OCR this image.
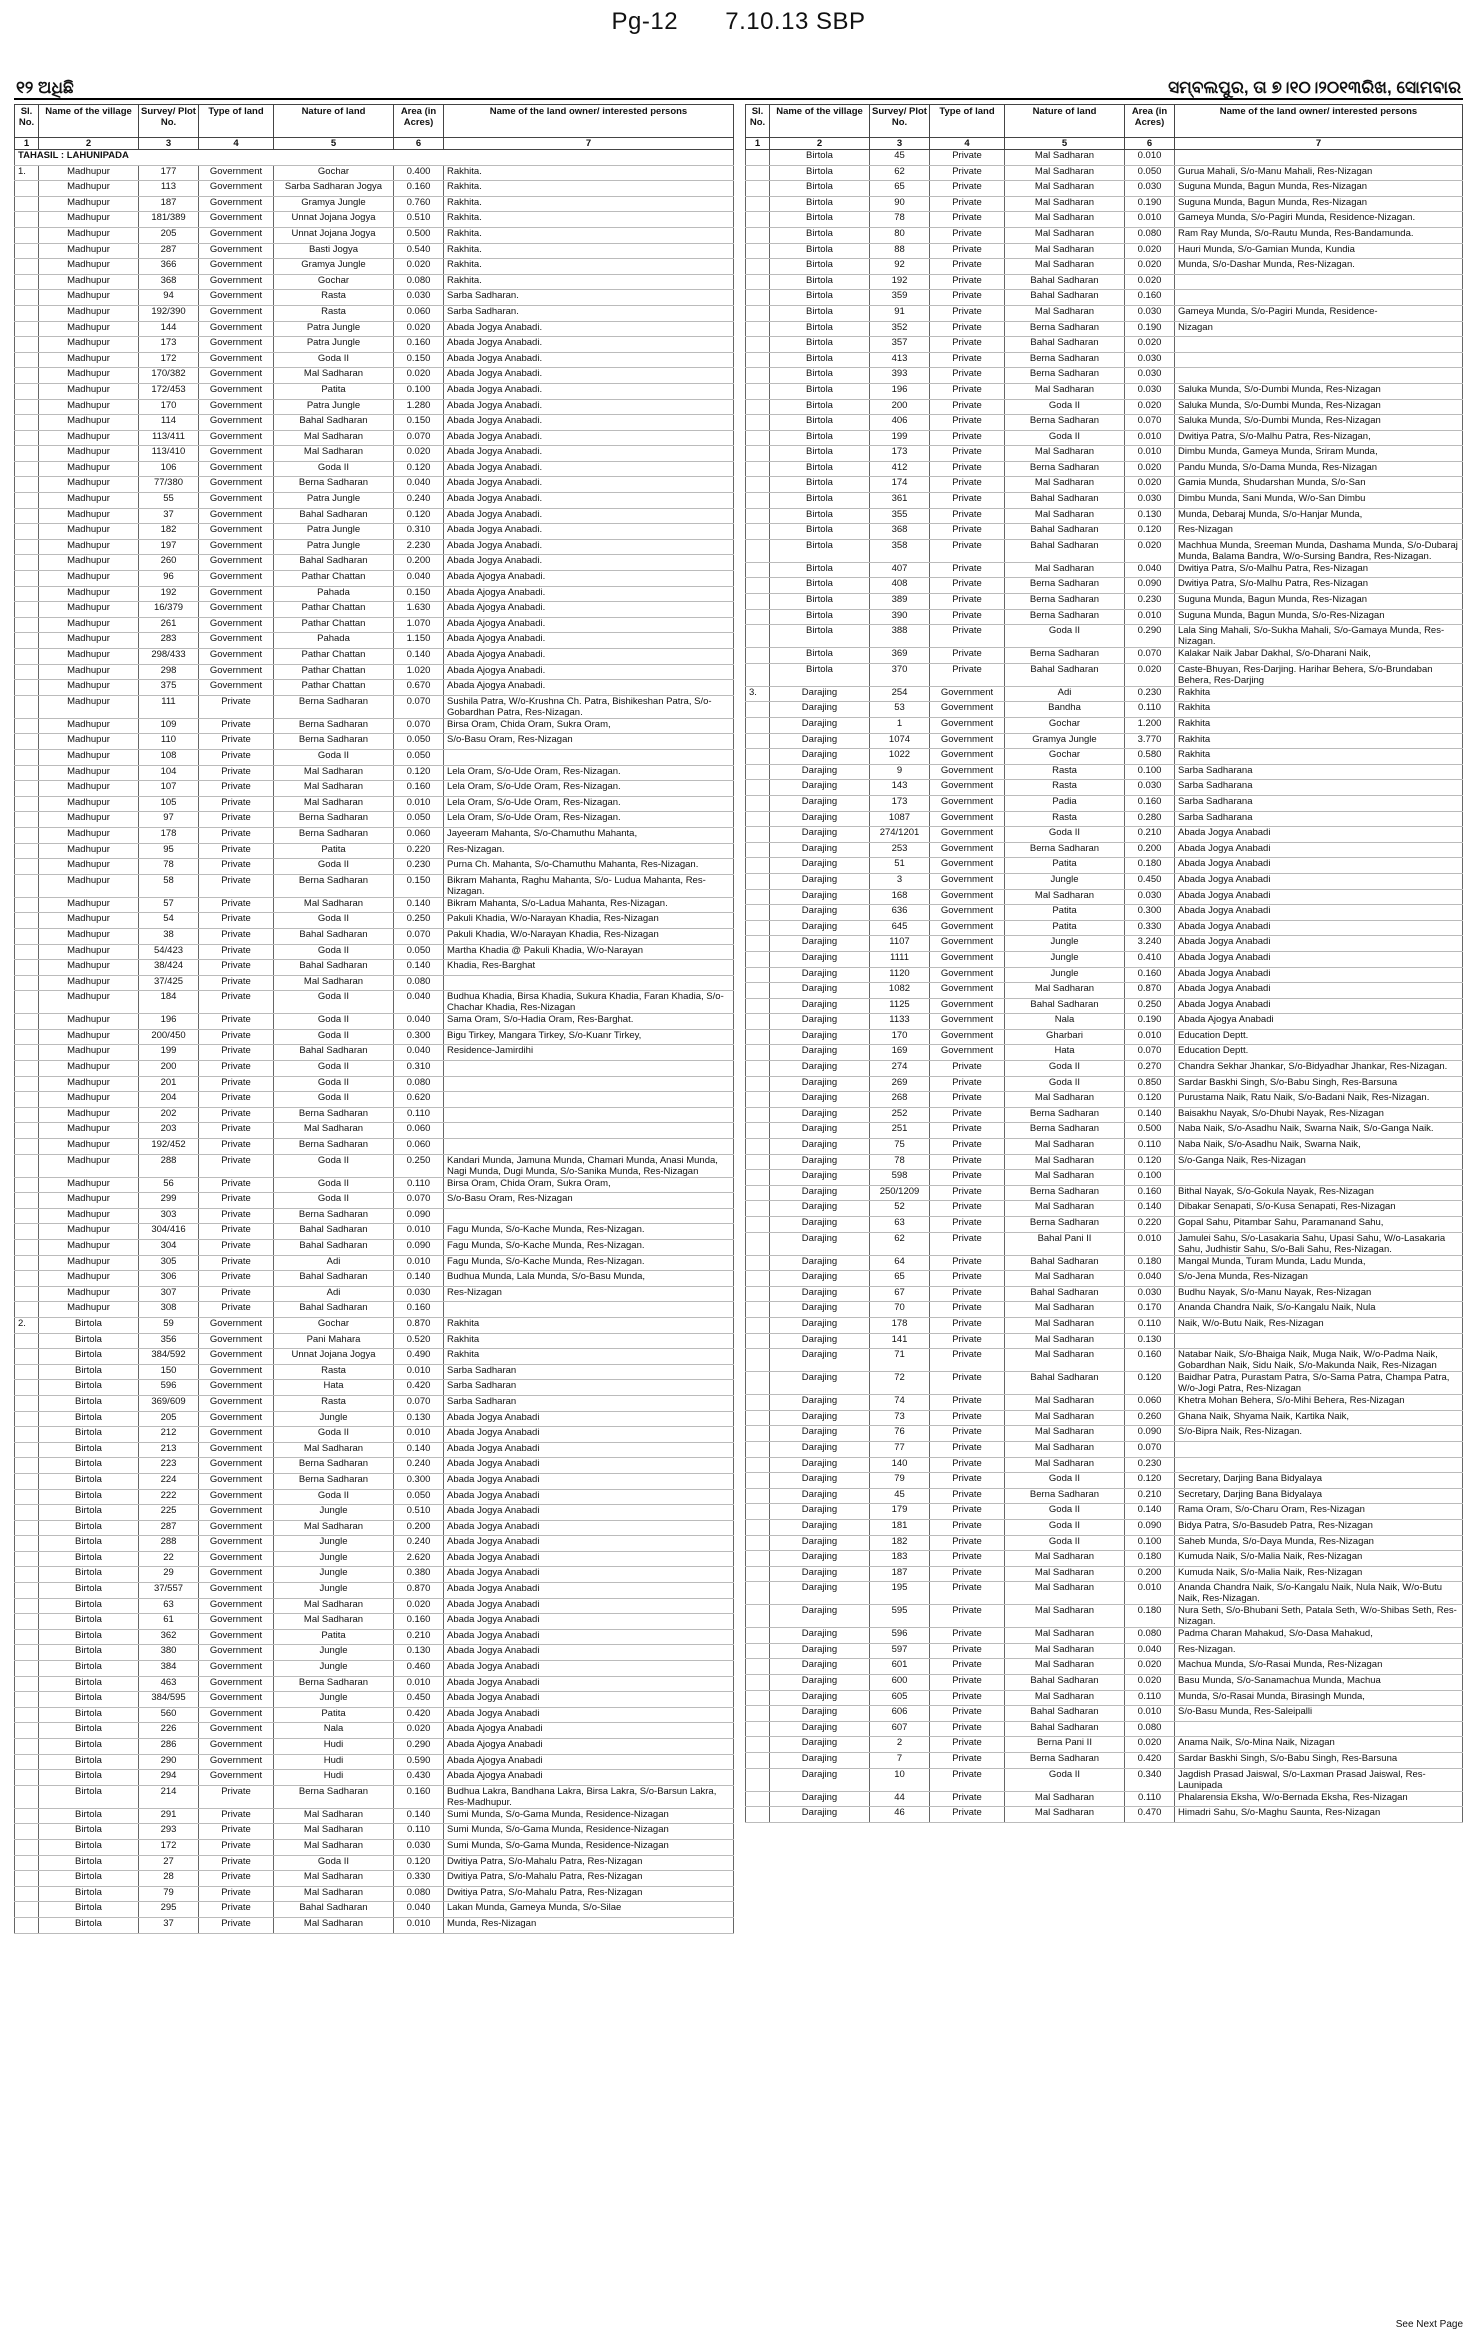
Pg-12 7.10.13 SBP
୧୨ ଅଧିଛି	ସମ୍ବଲପୁର, ତା ୭।୧୦।୨୦୧୩ରିଖ, ସୋମବାର
Sl. No.	Name of the village	Survey/ Plot No.	Type of land	Nature of land	Area (in Acres)	Name of the land owner/ interested persons
1	2	3	4	5	6	7
TAHASIL : LAHUNIPADA						
1.	Madhupur	177	Government	Gochar	0.400	Rakhita.
	Madhupur	113	Government	Sarba Sadharan Jogya	0.160	Rakhita.
	Madhupur	187	Government	Gramya Jungle	0.760	Rakhita.
	Madhupur	181/389	Government	Unnat Jojana Jogya	0.510	Rakhita.
	Madhupur	205	Government	Unnat Jojana Jogya	0.500	Rakhita.
	Madhupur	287	Government	Basti Jogya	0.540	Rakhita.
	Madhupur	366	Government	Gramya Jungle	0.020	Rakhita.
	Madhupur	368	Government	Gochar	0.080	Rakhita.
	Madhupur	94	Government	Rasta	0.030	Sarba Sadharan.
	Madhupur	192/390	Government	Rasta	0.060	Sarba Sadharan.
	Madhupur	144	Government	Patra Jungle	0.020	Abada Jogya Anabadi.
	Madhupur	173	Government	Patra Jungle	0.160	Abada Jogya Anabadi.
	Madhupur	172	Government	Goda II	0.150	Abada Jogya Anabadi.
	Madhupur	170/382	Government	Mal Sadharan	0.020	Abada Jogya Anabadi.
	Madhupur	172/453	Government	Patita	0.100	Abada Jogya Anabadi.
	Madhupur	170	Government	Patra Jungle	1.280	Abada Jogya Anabadi.
	Madhupur	114	Government	Bahal Sadharan	0.150	Abada Jogya Anabadi.
	Madhupur	113/411	Government	Mal Sadharan	0.070	Abada Jogya Anabadi.
	Madhupur	113/410	Government	Mal Sadharan	0.020	Abada Jogya Anabadi.
	Madhupur	106	Government	Goda II	0.120	Abada Jogya Anabadi.
	Madhupur	77/380	Government	Berna Sadharan	0.040	Abada Jogya Anabadi.
	Madhupur	55	Government	Patra Jungle	0.240	Abada Jogya Anabadi.
	Madhupur	37	Government	Bahal Sadharan	0.120	Abada Jogya Anabadi.
	Madhupur	182	Government	Patra Jungle	0.310	Abada Jogya Anabadi.
	Madhupur	197	Government	Patra Jungle	2.230	Abada Jogya Anabadi.
	Madhupur	260	Government	Bahal Sadharan	0.200	Abada Jogya Anabadi.
	Madhupur	96	Government	Pathar Chattan	0.040	Abada Ajogya Anabadi.
	Madhupur	192	Government	Pahada	0.150	Abada Ajogya Anabadi.
	Madhupur	16/379	Government	Pathar Chattan	1.630	Abada Ajogya Anabadi.
	Madhupur	261	Government	Pathar Chattan	1.070	Abada Ajogya Anabadi.
	Madhupur	283	Government	Pahada	1.150	Abada Ajogya Anabadi.
	Madhupur	298/433	Government	Pathar Chattan	0.140	Abada Ajogya Anabadi.
	Madhupur	298	Government	Pathar Chattan	1.020	Abada Ajogya Anabadi.
	Madhupur	375	Government	Pathar Chattan	0.670	Abada Ajogya Anabadi.
	Madhupur	111	Private	Berna Sadharan	0.070	Sushila Patra, W/o-Krushna Ch. Patra, Bishikeshan Patra, S/o-Gobardhan Patra, Res-Nizagan.
	Madhupur	109	Private	Berna Sadharan	0.070	Birsa Oram, Chida Oram, Sukra Oram,
	Madhupur	110	Private	Berna Sadharan	0.050	S/o-Basu Oram, Res-Nizagan
	Madhupur	108	Private	Goda II	0.050	
	Madhupur	104	Private	Mal Sadharan	0.120	Lela Oram, S/o-Ude Oram, Res-Nizagan.
	Madhupur	107	Private	Mal Sadharan	0.160	Lela Oram, S/o-Ude Oram, Res-Nizagan.
	Madhupur	105	Private	Mal Sadharan	0.010	Lela Oram, S/o-Ude Oram, Res-Nizagan.
	Madhupur	97	Private	Berna Sadharan	0.050	Lela Oram, S/o-Ude Oram, Res-Nizagan.
	Madhupur	178	Private	Berna Sadharan	0.060	Jayeeram Mahanta, S/o-Chamuthu Mahanta,
	Madhupur	95	Private	Patita	0.220	Res-Nizagan.
	Madhupur	78	Private	Goda II	0.230	Purna Ch. Mahanta, S/o-Chamuthu Mahanta, Res-Nizagan.
	Madhupur	58	Private	Berna Sadharan	0.150	Bikram Mahanta, Raghu Mahanta, S/o- Ludua Mahanta, Res-Nizagan.
	Madhupur	57	Private	Mal Sadharan	0.140	Bikram Mahanta, S/o-Ladua Mahanta, Res-Nizagan.
	Madhupur	54	Private	Goda II	0.250	Pakuli Khadia, W/o-Narayan Khadia, Res-Nizagan
	Madhupur	38	Private	Bahal Sadharan	0.070	Pakuli Khadia, W/o-Narayan Khadia, Res-Nizagan
	Madhupur	54/423	Private	Goda II	0.050	Martha Khadia @ Pakuli Khadia, W/o-Narayan
	Madhupur	38/424	Private	Bahal Sadharan	0.140	Khadia, Res-Barghat
	Madhupur	37/425	Private	Mal Sadharan	0.080	
	Madhupur	184	Private	Goda II	0.040	Budhua Khadia, Birsa Khadia, Sukura Khadia, Faran Khadia, S/o-Chachar Khadia, Res-Nizagan
	Madhupur	196	Private	Goda II	0.040	Sama Oram, S/o-Hadia Oram, Res-Barghat.
	Madhupur	200/450	Private	Goda II	0.300	Bigu Tirkey, Mangara Tirkey, S/o-Kuanr Tirkey,
	Madhupur	199	Private	Bahal Sadharan	0.040	Residence-Jamirdihi
	Madhupur	200	Private	Goda II	0.310	
	Madhupur	201	Private	Goda II	0.080	
	Madhupur	204	Private	Goda II	0.620	
	Madhupur	202	Private	Berna Sadharan	0.110	
	Madhupur	203	Private	Mal Sadharan	0.060	
	Madhupur	192/452	Private	Berna Sadharan	0.060	
	Madhupur	288	Private	Goda II	0.250	Kandari Munda, Jamuna Munda, Chamari Munda, Anasi Munda, Nagi Munda, Dugi Munda, S/o-Sanika Munda, Res-Nizagan
	Madhupur	56	Private	Goda II	0.110	Birsa Oram, Chida Oram, Sukra Oram,
	Madhupur	299	Private	Goda II	0.070	S/o-Basu Oram, Res-Nizagan
	Madhupur	303	Private	Berna Sadharan	0.090	
	Madhupur	304/416	Private	Bahal Sadharan	0.010	Fagu Munda, S/o-Kache Munda, Res-Nizagan.
	Madhupur	304	Private	Bahal Sadharan	0.090	Fagu Munda, S/o-Kache Munda, Res-Nizagan.
	Madhupur	305	Private	Adi	0.010	Fagu Munda, S/o-Kache Munda, Res-Nizagan.
	Madhupur	306	Private	Bahal Sadharan	0.140	Budhua Munda, Lala Munda, S/o-Basu Munda,
	Madhupur	307	Private	Adi	0.030	Res-Nizagan
	Madhupur	308	Private	Bahal Sadharan	0.160	
2.	Birtola	59	Government	Gochar	0.870	Rakhita
	Birtola	356	Government	Pani Mahara	0.520	Rakhita
	Birtola	384/592	Government	Unnat Jojana Jogya	0.490	Rakhita
	Birtola	150	Government	Rasta	0.010	Sarba Sadharan
	Birtola	596	Government	Hata	0.420	Sarba Sadharan
	Birtola	369/609	Government	Rasta	0.070	Sarba Sadharan
	Birtola	205	Government	Jungle	0.130	Abada Jogya Anabadi
	Birtola	212	Government	Goda II	0.010	Abada Jogya Anabadi
	Birtola	213	Government	Mal Sadharan	0.140	Abada Jogya Anabadi
	Birtola	223	Government	Berna Sadharan	0.240	Abada Jogya Anabadi
	Birtola	224	Government	Berna Sadharan	0.300	Abada Jogya Anabadi
	Birtola	222	Government	Goda II	0.050	Abada Jogya Anabadi
	Birtola	225	Government	Jungle	0.510	Abada Jogya Anabadi
	Birtola	287	Government	Mal Sadharan	0.200	Abada Jogya Anabadi
	Birtola	288	Government	Jungle	0.240	Abada Jogya Anabadi
	Birtola	22	Government	Jungle	2.620	Abada Jogya Anabadi
	Birtola	29	Government	Jungle	0.380	Abada Jogya Anabadi
	Birtola	37/557	Government	Jungle	0.870	Abada Jogya Anabadi
	Birtola	63	Government	Mal Sadharan	0.020	Abada Jogya Anabadi
	Birtola	61	Government	Mal Sadharan	0.160	Abada Jogya Anabadi
	Birtola	362	Government	Patita	0.210	Abada Jogya Anabadi
	Birtola	380	Government	Jungle	0.130	Abada Jogya Anabadi
	Birtola	384	Government	Jungle	0.460	Abada Jogya Anabadi
	Birtola	463	Government	Berna Sadharan	0.010	Abada Jogya Anabadi
	Birtola	384/595	Government	Jungle	0.450	Abada Jogya Anabadi
	Birtola	560	Government	Patita	0.420	Abada Jogya Anabadi
	Birtola	226	Government	Nala	0.020	Abada Ajogya Anabadi
	Birtola	286	Government	Hudi	0.290	Abada Ajogya Anabadi
	Birtola	290	Government	Hudi	0.590	Abada Ajogya Anabadi
	Birtola	294	Government	Hudi	0.430	Abada Ajogya Anabadi
	Birtola	214	Private	Berna Sadharan	0.160	Budhua Lakra, Bandhana Lakra, Birsa Lakra, S/o-Barsun Lakra, Res-Madhupur.
	Birtola	291	Private	Mal Sadharan	0.140	Sumi Munda, S/o-Gama Munda, Residence-Nizagan
	Birtola	293	Private	Mal Sadharan	0.110	Sumi Munda, S/o-Gama Munda, Residence-Nizagan
	Birtola	172	Private	Mal Sadharan	0.030	Sumi Munda, S/o-Gama Munda, Residence-Nizagan
	Birtola	27	Private	Goda II	0.120	Dwitiya Patra, S/o-Mahalu Patra, Res-Nizagan
	Birtola	28	Private	Mal Sadharan	0.330	Dwitiya Patra, S/o-Mahalu Patra, Res-Nizagan
	Birtola	79	Private	Mal Sadharan	0.080	Dwitiya Patra, S/o-Mahalu Patra, Res-Nizagan
	Birtola	295	Private	Bahal Sadharan	0.040	Lakan Munda, Gameya Munda, S/o-Silae
	Birtola	37	Private	Mal Sadharan	0.010	Munda, Res-Nizagan
Sl. No.	Name of the village	Survey/ Plot No.	Type of land	Nature of land	Area (in Acres)	Name of the land owner/ interested persons
1	2	3	4	5	6	7
	Birtola	45	Private	Mal Sadharan	0.010	
	Birtola	62	Private	Mal Sadharan	0.050	Gurua Mahali, S/o-Manu Mahali, Res-Nizagan
	Birtola	65	Private	Mal Sadharan	0.030	Suguna Munda, Bagun Munda, Res-Nizagan
	Birtola	90	Private	Mal Sadharan	0.190	Suguna Munda, Bagun Munda, Res-Nizagan
	Birtola	78	Private	Mal Sadharan	0.010	Gameya Munda, S/o-Pagiri Munda, Residence-Nizagan.
	Birtola	80	Private	Mal Sadharan	0.080	Ram Ray Munda, S/o-Rautu Munda, Res-Bandamunda.
	Birtola	88	Private	Mal Sadharan	0.020	Hauri Munda, S/o-Gamian Munda, Kundia
	Birtola	92	Private	Mal Sadharan	0.020	Munda, S/o-Dashar Munda, Res-Nizagan.
	Birtola	192	Private	Bahal Sadharan	0.020	
	Birtola	359	Private	Bahal Sadharan	0.160	
	Birtola	91	Private	Mal Sadharan	0.030	Gameya Munda, S/o-Pagiri Munda, Residence-
	Birtola	352	Private	Berna Sadharan	0.190	Nizagan
	Birtola	357	Private	Bahal Sadharan	0.020	
	Birtola	413	Private	Berna Sadharan	0.030	
	Birtola	393	Private	Berna Sadharan	0.030	
	Birtola	196	Private	Mal Sadharan	0.030	Saluka Munda, S/o-Dumbi Munda, Res-Nizagan
	Birtola	200	Private	Goda II	0.020	Saluka Munda, S/o-Dumbi Munda, Res-Nizagan
	Birtola	406	Private	Berna Sadharan	0.070	Saluka Munda, S/o-Dumbi Munda, Res-Nizagan
	Birtola	199	Private	Goda II	0.010	Dwitiya Patra, S/o-Malhu Patra, Res-Nizagan,
	Birtola	173	Private	Mal Sadharan	0.010	Dimbu Munda, Gameya Munda, Sriram Munda,
	Birtola	412	Private	Berna Sadharan	0.020	Pandu Munda, S/o-Dama Munda, Res-Nizagan
	Birtola	174	Private	Mal Sadharan	0.020	Gamia Munda, Shudarshan Munda, S/o-San
	Birtola	361	Private	Bahal Sadharan	0.030	Dimbu Munda, Sani Munda, W/o-San Dimbu
	Birtola	355	Private	Mal Sadharan	0.130	Munda, Debaraj Munda, S/o-Hanjar Munda,
	Birtola	368	Private	Bahal Sadharan	0.120	Res-Nizagan
	Birtola	358	Private	Bahal Sadharan	0.020	Machhua Munda, Sreeman Munda, Dashama Munda, S/o-Dubaraj Munda, Balama Bandra, W/o-Sursing Bandra, Res-Nizagan.
	Birtola	407	Private	Mal Sadharan	0.040	Dwitiya Patra, S/o-Malhu Patra, Res-Nizagan
	Birtola	408	Private	Berna Sadharan	0.090	Dwitiya Patra, S/o-Malhu Patra, Res-Nizagan
	Birtola	389	Private	Berna Sadharan	0.230	Suguna Munda, Bagun Munda, Res-Nizagan
	Birtola	390	Private	Berna Sadharan	0.010	Suguna Munda, Bagun Munda, S/o-Res-Nizagan
	Birtola	388	Private	Goda II	0.290	Lala Sing Mahali, S/o-Sukha Mahali, S/o-Gamaya Munda, Res-Nizagan.
	Birtola	369	Private	Berna Sadharan	0.070	Kalakar Naik Jabar Dakhal, S/o-Dharani Naik,
	Birtola	370	Private	Bahal Sadharan	0.020	Caste-Bhuyan, Res-Darjing. Harihar Behera, S/o-Brundaban Behera, Res-Darjing
3.	Darajing	254	Government	Adi	0.230	Rakhita
	Darajing	53	Government	Bandha	0.110	Rakhita
	Darajing	1	Government	Gochar	1.200	Rakhita
	Darajing	1074	Government	Gramya Jungle	3.770	Rakhita
	Darajing	1022	Government	Gochar	0.580	Rakhita
	Darajing	9	Government	Rasta	0.100	Sarba Sadharana
	Darajing	143	Government	Rasta	0.030	Sarba Sadharana
	Darajing	173	Government	Padia	0.160	Sarba Sadharana
	Darajing	1087	Government	Rasta	0.280	Sarba Sadharana
	Darajing	274/1201	Government	Goda II	0.210	Abada Jogya Anabadi
	Darajing	253	Government	Berna Sadharan	0.200	Abada Jogya Anabadi
	Darajing	51	Government	Patita	0.180	Abada Jogya Anabadi
	Darajing	3	Government	Jungle	0.450	Abada Jogya Anabadi
	Darajing	168	Government	Mal Sadharan	0.030	Abada Jogya Anabadi
	Darajing	636	Government	Patita	0.300	Abada Jogya Anabadi
	Darajing	645	Government	Patita	0.330	Abada Jogya Anabadi
	Darajing	1107	Government	Jungle	3.240	Abada Jogya Anabadi
	Darajing	1111	Government	Jungle	0.410	Abada Jogya Anabadi
	Darajing	1120	Government	Jungle	0.160	Abada Jogya Anabadi
	Darajing	1082	Government	Mal Sadharan	0.870	Abada Jogya Anabadi
	Darajing	1125	Government	Bahal Sadharan	0.250	Abada Jogya Anabadi
	Darajing	1133	Government	Nala	0.190	Abada Ajogya Anabadi
	Darajing	170	Government	Gharbari	0.010	Education Deptt.
	Darajing	169	Government	Hata	0.070	Education Deptt.
	Darajing	274	Private	Goda II	0.270	Chandra Sekhar Jhankar, S/o-Bidyadhar Jhankar, Res-Nizagan.
	Darajing	269	Private	Goda II	0.850	Sardar Baskhi Singh, S/o-Babu Singh, Res-Barsuna
	Darajing	268	Private	Mal Sadharan	0.120	Purustama Naik, Ratu Naik, S/o-Badani Naik, Res-Nizagan.
	Darajing	252	Private	Berna Sadharan	0.140	Baisakhu Nayak, S/o-Dhubi Nayak, Res-Nizagan
	Darajing	251	Private	Berna Sadharan	0.500	Naba Naik, S/o-Asadhu Naik, Swarna Naik, S/o-Ganga Naik.
	Darajing	75	Private	Mal Sadharan	0.110	Naba Naik, S/o-Asadhu Naik, Swarna Naik,
	Darajing	78	Private	Mal Sadharan	0.120	S/o-Ganga Naik, Res-Nizagan
	Darajing	598	Private	Mal Sadharan	0.100	
	Darajing	250/1209	Private	Berna Sadharan	0.160	Bithal Nayak, S/o-Gokula Nayak, Res-Nizagan
	Darajing	52	Private	Mal Sadharan	0.140	Dibakar Senapati, S/o-Kusa Senapati, Res-Nizagan
	Darajing	63	Private	Berna Sadharan	0.220	Gopal Sahu, Pitambar Sahu, Paramanand Sahu,
	Darajing	62	Private	Bahal Pani II	0.010	Jamulei Sahu, S/o-Lasakaria Sahu, Upasi Sahu, W/o-Lasakaria Sahu, Judhistir Sahu, S/o-Bali Sahu, Res-Nizagan.
	Darajing	64	Private	Bahal Sadharan	0.180	Mangal Munda, Turam Munda, Ladu Munda,
	Darajing	65	Private	Mal Sadharan	0.040	S/o-Jena Munda, Res-Nizagan
	Darajing	67	Private	Bahal Sadharan	0.030	Budhu Nayak, S/o-Manu Nayak, Res-Nizagan
	Darajing	70	Private	Mal Sadharan	0.170	Ananda Chandra Naik, S/o-Kangalu Naik, Nula
	Darajing	178	Private	Mal Sadharan	0.110	Naik, W/o-Butu Naik, Res-Nizagan
	Darajing	141	Private	Mal Sadharan	0.130	
	Darajing	71	Private	Mal Sadharan	0.160	Natabar Naik, S/o-Bhaiga Naik, Muga Naik, W/o-Padma Naik, Gobardhan Naik, Sidu Naik, S/o-Makunda Naik, Res-Nizagan
	Darajing	72	Private	Bahal Sadharan	0.120	Baidhar Patra, Purastam Patra, S/o-Sama Patra, Champa Patra, W/o-Jogi Patra, Res-Nizagan
	Darajing	74	Private	Mal Sadharan	0.060	Khetra Mohan Behera, S/o-Mihi Behera, Res-Nizagan
	Darajing	73	Private	Mal Sadharan	0.260	Ghana Naik, Shyama Naik, Kartika Naik,
	Darajing	76	Private	Mal Sadharan	0.090	S/o-Bipra Naik, Res-Nizagan.
	Darajing	77	Private	Mal Sadharan	0.070	
	Darajing	140	Private	Mal Sadharan	0.230	
	Darajing	79	Private	Goda II	0.120	Secretary, Darjing Bana Bidyalaya
	Darajing	45	Private	Berna Sadharan	0.210	Secretary, Darjing Bana Bidyalaya
	Darajing	179	Private	Goda II	0.140	Rama Oram, S/o-Charu Oram, Res-Nizagan
	Darajing	181	Private	Goda II	0.090	Bidya Patra, S/o-Basudeb Patra, Res-Nizagan
	Darajing	182	Private	Goda II	0.100	Saheb Munda, S/o-Daya Munda, Res-Nizagan
	Darajing	183	Private	Mal Sadharan	0.180	Kumuda Naik, S/o-Malia Naik, Res-Nizagan
	Darajing	187	Private	Mal Sadharan	0.200	Kumuda Naik, S/o-Malia Naik, Res-Nizagan
	Darajing	195	Private	Mal Sadharan	0.010	Ananda Chandra Naik, S/o-Kangalu Naik, Nula Naik, W/o-Butu Naik, Res-Nizagan.
	Darajing	595	Private	Mal Sadharan	0.180	Nura Seth, S/o-Bhubani Seth, Patala Seth, W/o-Shibas Seth, Res-Nizagan.
	Darajing	596	Private	Mal Sadharan	0.080	Padma Charan Mahakud, S/o-Dasa Mahakud,
	Darajing	597	Private	Mal Sadharan	0.040	Res-Nizagan.
	Darajing	601	Private	Mal Sadharan	0.020	Machua Munda, S/o-Rasai Munda, Res-Nizagan
	Darajing	600	Private	Bahal Sadharan	0.020	Basu Munda, S/o-Sanamachua Munda, Machua
	Darajing	605	Private	Mal Sadharan	0.110	Munda, S/o-Rasai Munda, Birasingh Munda,
	Darajing	606	Private	Bahal Sadharan	0.010	S/o-Basu Munda, Res-Saleipalli
	Darajing	607	Private	Bahal Sadharan	0.080	
	Darajing	2	Private	Berna Pani II	0.020	Anama Naik, S/o-Mina Naik, Nizagan
	Darajing	7	Private	Berna Sadharan	0.420	Sardar Baskhi Singh, S/o-Babu Singh, Res-Barsuna
	Darajing	10	Private	Goda II	0.340	Jagdish Prasad Jaiswal, S/o-Laxman Prasad Jaiswal, Res-Launipada
	Darajing	44	Private	Mal Sadharan	0.110	Phalarensia Eksha, W/o-Bernada Eksha, Res-Nizagan
	Darajing	46	Private	Mal Sadharan	0.470	Himadri Sahu, S/o-Maghu Saunta, Res-Nizagan
See Next Page
